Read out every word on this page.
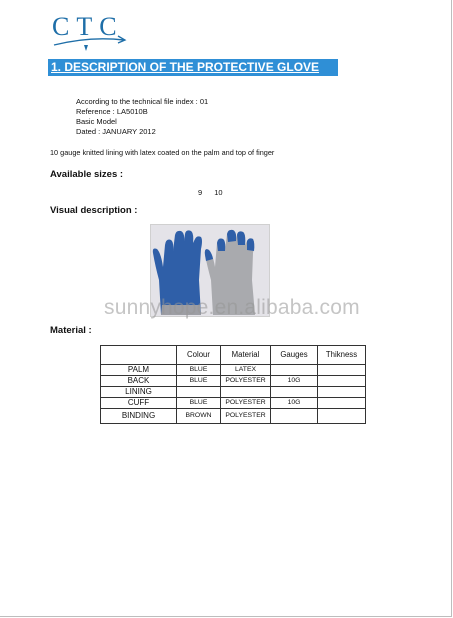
CTC
1. DESCRIPTION OF THE PROTECTIVE GLOVE
According to the technical file index : 01
Reference : LA5010B
Basic Model
Dated : JANUARY 2012
10 gauge knitted lining with latex coated on the palm and top of finger
Available sizes :
9 10
Visual description :
sunnyhope.en.alibaba.com
Material :
	Colour	Material	Gauges	Thikness
PALM	BLUE	LATEX		
BACK	BLUE	POLYESTER	10G	
LINING				
CUFF	BLUE	POLYESTER	10G	
BINDING	BROWN	POLYESTER		
